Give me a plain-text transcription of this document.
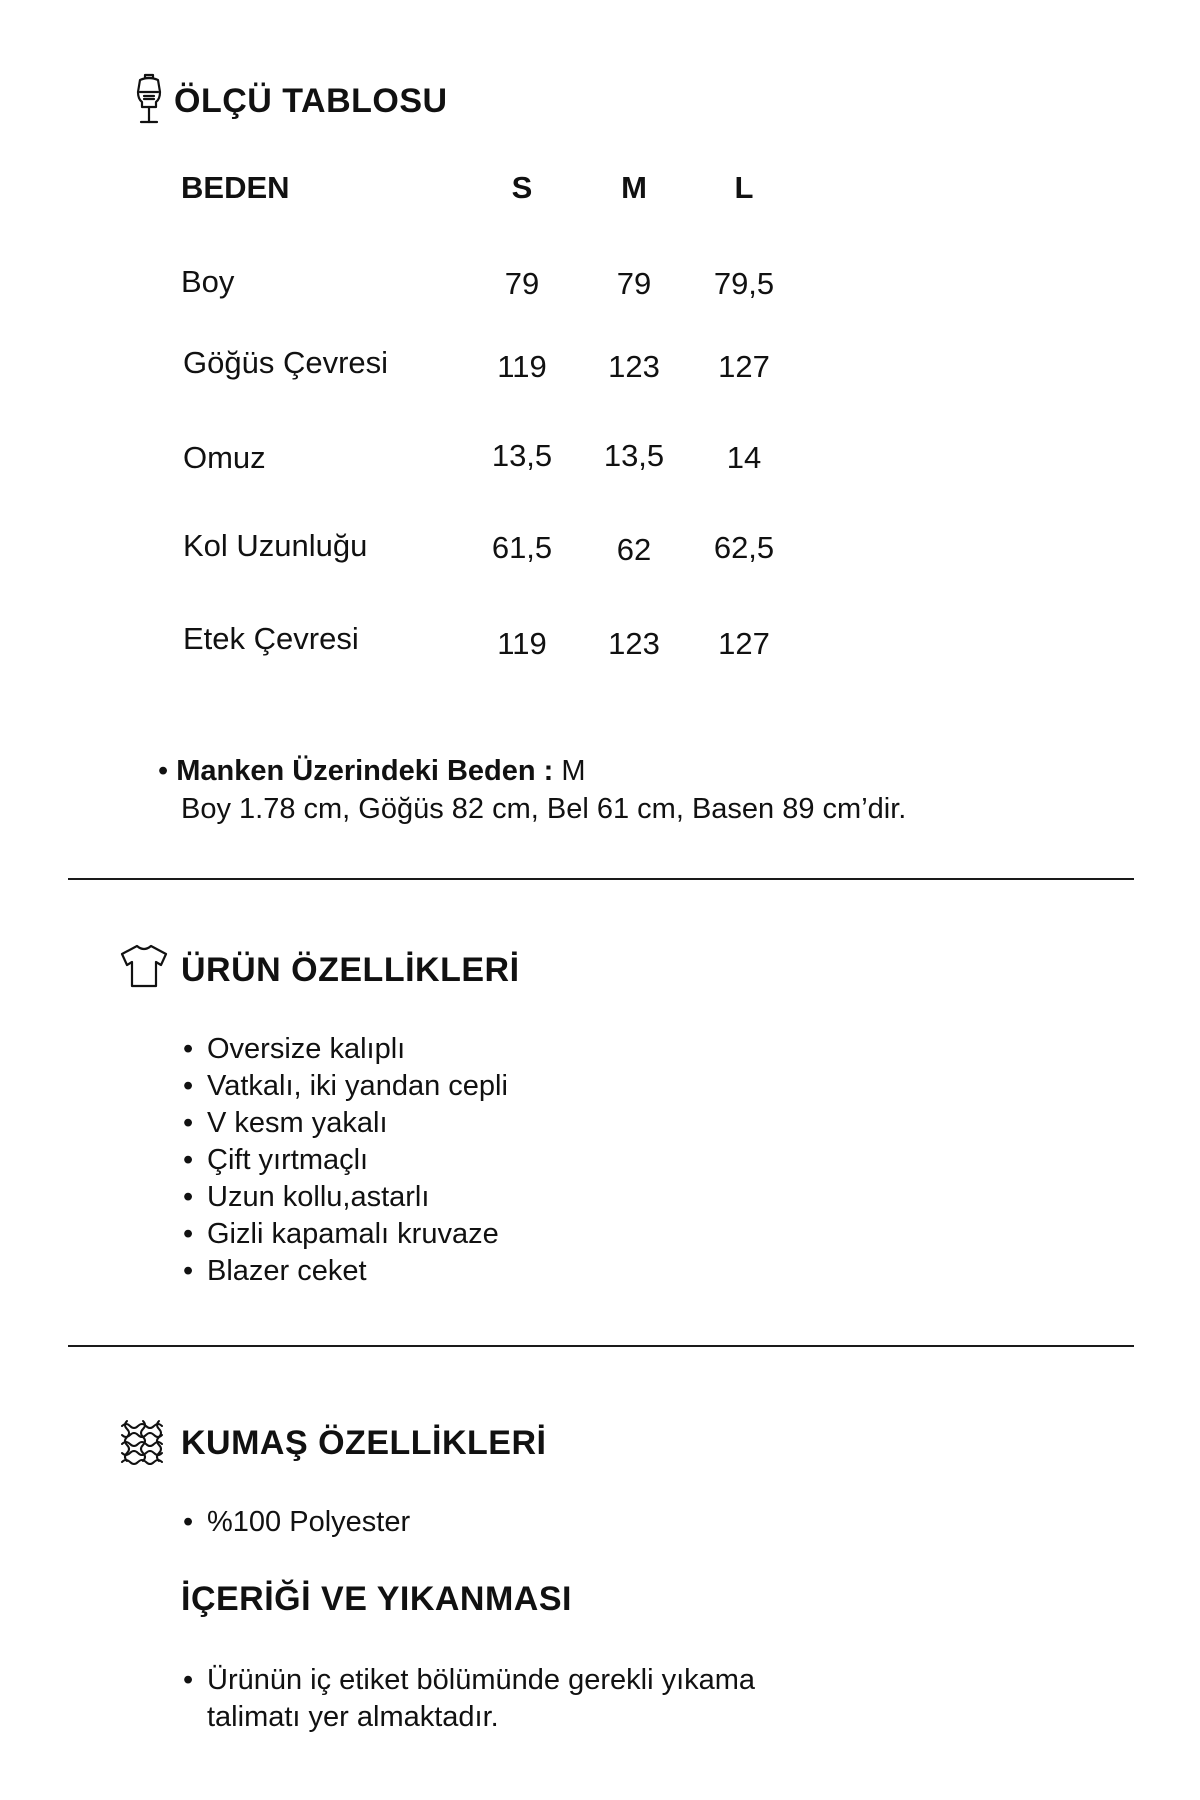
ÖLÇÜ TABLOSU
BEDEN	S	M	L
Boy	79	79	79,5
Göğüs Çevresi	119	123	127
Omuz	13,5	13,5	14
Kol Uzunluğu	61,5	62	62,5
Etek Çevresi	119	123	127
• Manken Üzerindeki Beden : M
Boy 1.78 cm, Göğüs 82 cm, Bel 61 cm, Basen 89 cm’dir.
ÜRÜN ÖZELLİKLERİ
• Oversize kalıplı
• Vatkalı, iki yandan cepli
• V kesm yakalı
• Çift yırtmaçlı
• Uzun kollu,astarlı
• Gizli kapamalı kruvaze
• Blazer ceket
KUMAŞ ÖZELLİKLERİ
• %100 Polyester
İÇERİĞİ VE YIKANMASI
• Ürünün iç etiket bölümünde gerekli yıkama
talimatı yer almaktadır.
